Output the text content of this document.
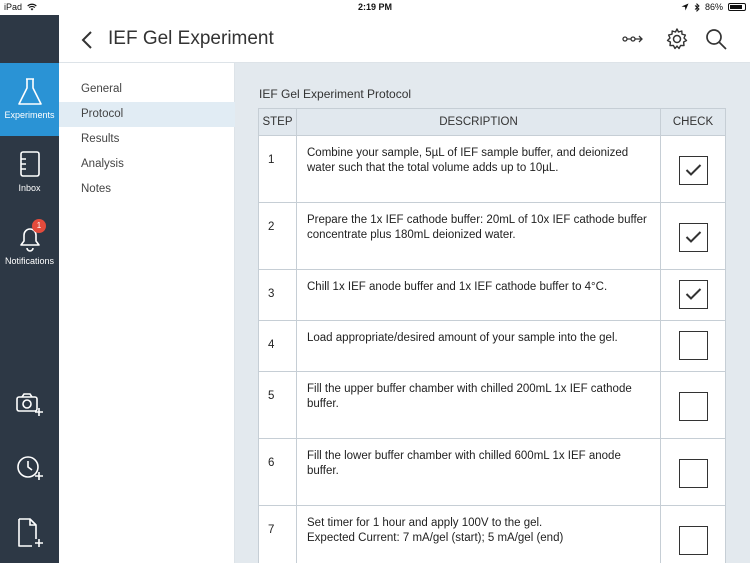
iPad	2:19 PM	86%
Experiments
Inbox
1
Notifications
IEF Gel Experiment
General
Protocol
Results
Analysis
Notes
IEF Gel Experiment Protocol
STEP	DESCRIPTION	CHECK
1	Combine your sample, 5µL of IEF sample buffer, and deionized water such that the total volume adds up to 10µL.	

2	Prepare the 1x IEF cathode buffer: 20mL of 10x IEF cathode buffer concentrate plus 180mL deionized water.	

3	Chill 1x IEF anode buffer and 1x IEF cathode buffer to 4°C.	

4	Load appropriate/desired amount of your sample into the gel.	
5	Fill the upper buffer chamber with chilled 200mL 1x IEF cathode buffer.	
6	Fill the lower buffer chamber with chilled 600mL 1x IEF anode buffer.	
7	Set timer for 1 hour and apply 100V to the gel.
Expected Current: 7 mA/gel (start); 5 mA/gel (end)	
